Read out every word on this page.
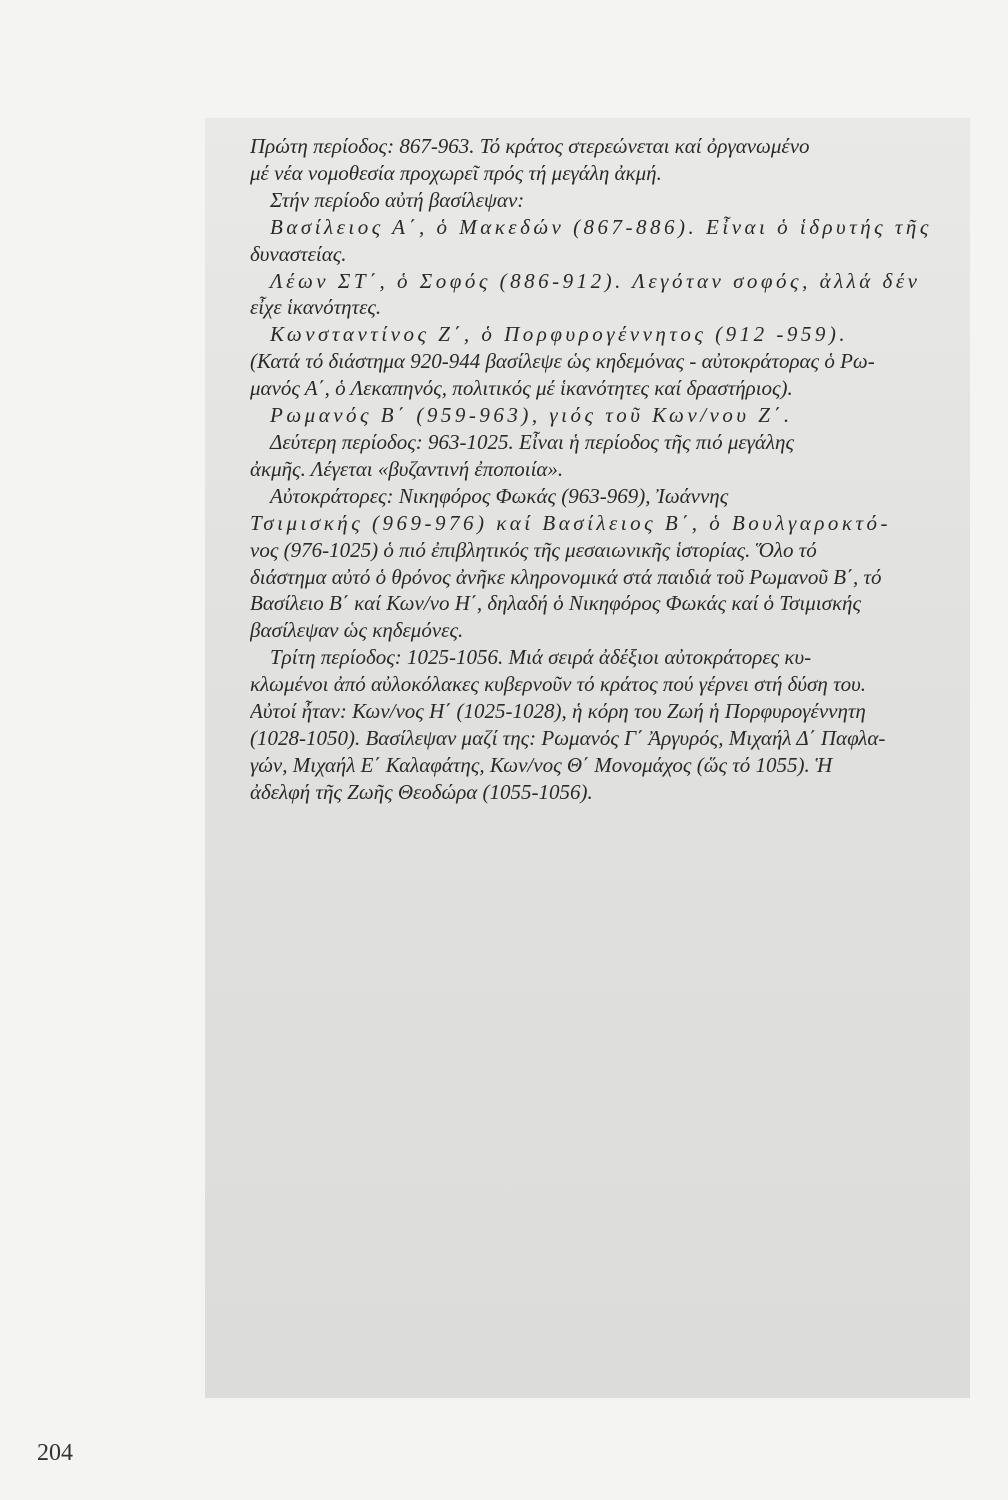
Πρώτη περίοδος: 867-963. Τό κράτος στερεώνεται καί ὀργανωμένο
μέ νέα νομοθεσία προχωρεῖ πρός τή μεγάλη ἀκμή.
Στήν περίοδο αὐτή βασίλεψαν:
Βασίλειος Α΄, ὁ Μακεδών (867-886). Εἶναι ὁ ἱδρυτής τῆς
δυναστείας.
Λέων ΣΤ΄, ὁ Σοφός (886-912). Λεγόταν σοφός, ἀλλά δέν
εἶχε ἱκανότητες.
Κωνσταντίνος Ζ΄, ὁ Πορφυρογέννητος (912 -959).
(Κατά τό διάστημα 920-944 βασίλεψε ὡς κηδεμόνας - αὐτοκράτορας ὁ Ρω-
μανός Α΄, ὁ Λεκαπηνός, πολιτικός μέ ἱκανότητες καί δραστήριος).
Ρωμανός Β΄ (959-963), γιός τοῦ Κων/νου Ζ΄.
Δεύτερη περίοδος: 963-1025. Εἶναι ἡ περίοδος τῆς πιό μεγάλης
ἀκμῆς. Λέγεται «βυζαντινή ἐποποιία».
Αὐτοκράτορες: Νικηφόρος Φωκάς (963-969), Ἰωάννης
Τσιμισκής (969-976) καί Βασίλειος Β΄, ὁ Βουλγαροκτό-
νος (976-1025) ὁ πιό ἐπιβλητικός τῆς μεσαιωνικῆς ἱστορίας. Ὅλο τό
διάστημα αὐτό ὁ θρόνος ἀνῆκε κληρονομικά στά παιδιά τοῦ Ρωμανοῦ Β΄, τό
Βασίλειο Β΄ καί Κων/νο Η΄, δηλαδή ὁ Νικηφόρος Φωκάς καί ὁ Τσιμισκής
βασίλεψαν ὡς κηδεμόνες.
Τρίτη περίοδος: 1025-1056. Μιά σειρά ἀδέξιοι αὐτοκράτορες κυ-
κλωμένοι ἀπό αὐλοκόλακες κυβερνοῦν τό κράτος πού γέρνει στή δύση του.
Αὐτοί ἦταν: Κων/νος Η΄ (1025-1028), ἡ κόρη του Ζωή ἡ Πορφυρογέννητη
(1028-1050). Βασίλεψαν μαζί της: Ρωμανός Γ΄ Ἀργυρός, Μιχαήλ Δ΄ Παφλα-
γών, Μιχαήλ Ε΄ Καλαφάτης, Κων/νος Θ΄ Μονομάχος (ὥς τό 1055). Ἡ
ἀδελφή τῆς Ζωῆς Θεοδώρα (1055-1056).
204
